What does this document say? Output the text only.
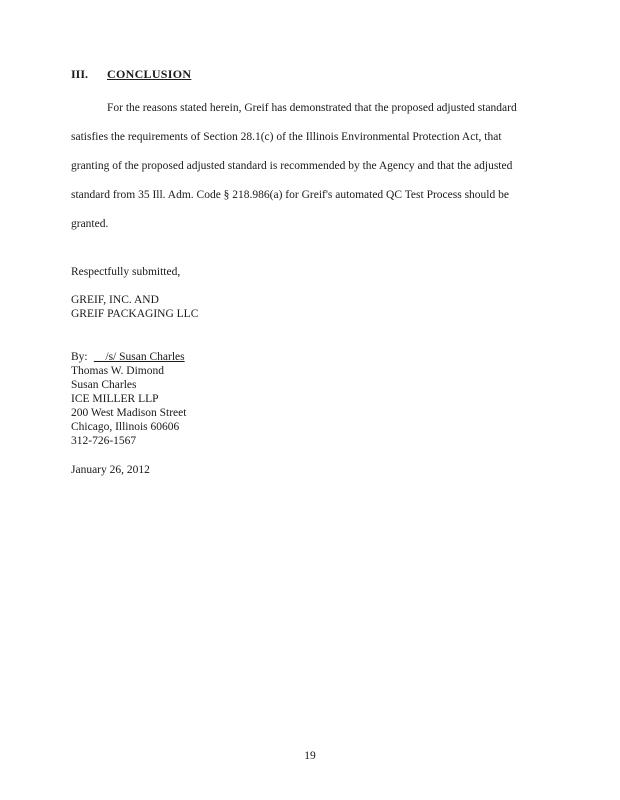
III. CONCLUSION
For the reasons stated herein, Greif has demonstrated that the proposed adjusted standard
satisfies the requirements of Section 28.1(c) of the Illinois Environmental Protection Act, that
granting of the proposed adjusted standard is recommended by the Agency and that the adjusted
standard from 35 Ill. Adm. Code § 218.986(a) for Greif's automated QC Test Process should be
granted.
Respectfully submitted,
GREIF, INC. AND
GREIF PACKAGING LLC
By: __/s/ Susan Charles
Thomas W. Dimond
Susan Charles
ICE MILLER LLP
200 West Madison Street
Chicago, Illinois 60606
312-726-1567
January 26, 2012
19
